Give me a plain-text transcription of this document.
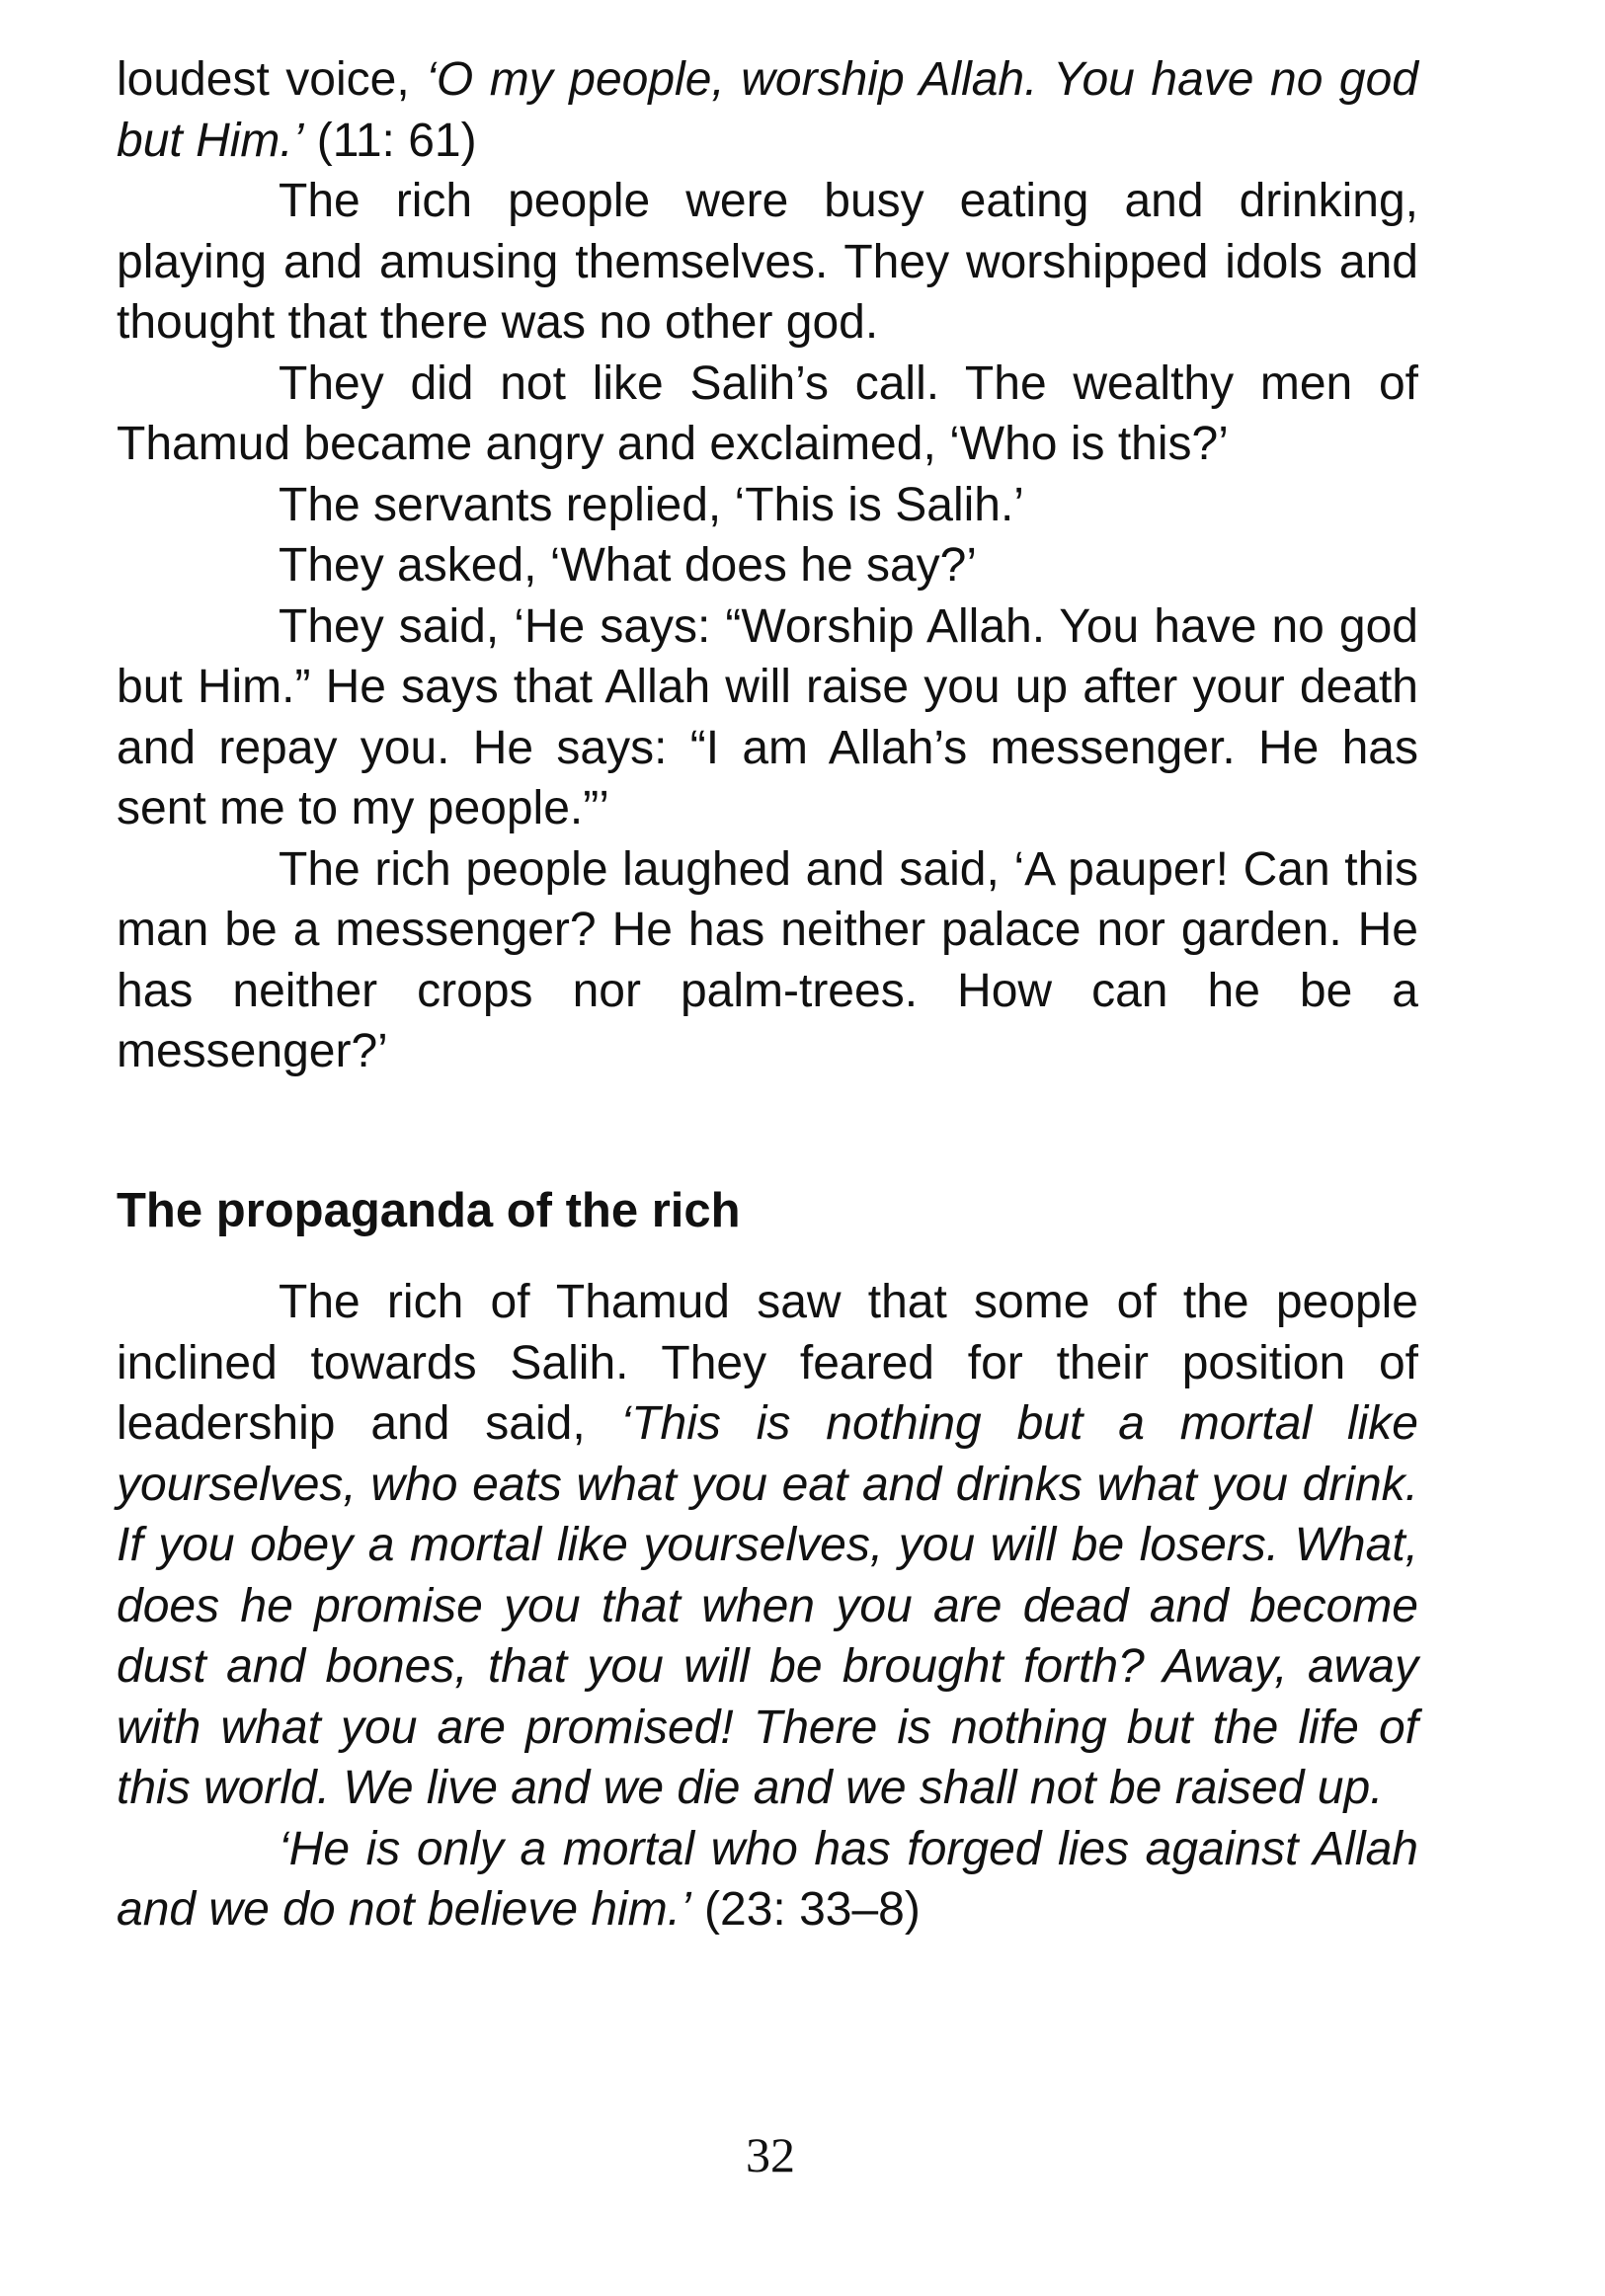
loudest voice, ‘O my people, worship Allah. You have no god but Him.’ (11: 61)

The rich people were busy eating and drinking, playing and amusing themselves. They worshipped idols and thought that there was no other god.

They did not like Salih’s call. The wealthy men of Thamud became angry and exclaimed, ‘Who is this?’

The servants replied, ‘This is Salih.’

They asked, ‘What does he say?’

They said, ‘He says: “Worship Allah. You have no god but Him.” He says that Allah will raise you up after your death and repay you. He says: “I am Allah’s messenger. He has sent me to my people.”’

The rich people laughed and said, ‘A pauper! Can this man be a messenger? He has neither palace nor garden. He has neither crops nor palm-trees. How can he be a messenger?’

The propaganda of the rich

The rich of Thamud saw that some of the people inclined towards Salih. They feared for their position of leadership and said, ‘This is nothing but a mortal like yourselves, who eats what you eat and drinks what you drink. If you obey a mortal like yourselves, you will be losers. What, does he promise you that when you are dead and become dust and bones, that you will be brought forth? Away, away with what you are promised! There is nothing but the life of this world. We live and we die and we shall not be raised up.

‘He is only a mortal who has forged lies against Allah and we do not believe him.’ (23: 33–8)

32
